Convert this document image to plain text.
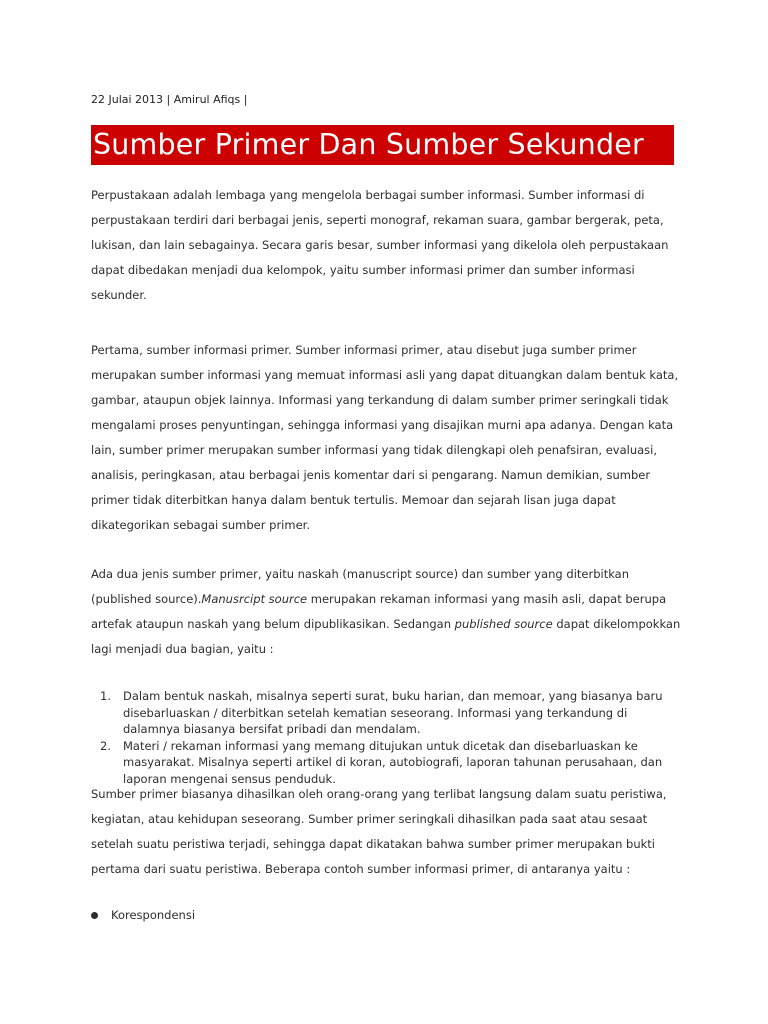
22 Julai 2013 | Amirul Afiqs |
Sumber Primer Dan Sumber Sekunder

Perpustakaan adalah lembaga yang mengelola berbagai sumber informasi. Sumber informasi di
perpustakaan terdiri dari berbagai jenis, seperti monograf, rekaman suara, gambar bergerak, peta,
lukisan, dan lain sebagainya. Secara garis besar, sumber informasi yang dikelola oleh perpustakaan
dapat dibedakan menjadi dua kelompok, yaitu sumber informasi primer dan sumber informasi
sekunder.

Pertama, sumber informasi primer. Sumber informasi primer, atau disebut juga sumber primer
merupakan sumber informasi yang memuat informasi asli yang dapat dituangkan dalam bentuk kata,
gambar, ataupun objek lainnya. Informasi yang terkandung di dalam sumber primer seringkali tidak
mengalami proses penyuntingan, sehingga informasi yang disajikan murni apa adanya. Dengan kata
lain, sumber primer merupakan sumber informasi yang tidak dilengkapi oleh penafsiran, evaluasi,
analisis, peringkasan, atau berbagai jenis komentar dari si pengarang. Namun demikian, sumber
primer tidak diterbitkan hanya dalam bentuk tertulis. Memoar dan sejarah lisan juga dapat
dikategorikan sebagai sumber primer.

Ada dua jenis sumber primer, yaitu naskah (manuscript source) dan sumber yang diterbitkan
(published source).Manusrcipt source merupakan rekaman informasi yang masih asli, dapat berupa
artefak ataupun naskah yang belum dipublikasikan. Sedangan published source dapat dikelompokkan
lagi menjadi dua bagian, yaitu :

1. Dalam bentuk naskah, misalnya seperti surat, buku harian, dan memoar, yang biasanya baru
disebarluaskan / diterbitkan setelah kematian seseorang. Informasi yang terkandung di
dalamnya biasanya bersifat pribadi dan mendalam.
2. Materi / rekaman informasi yang memang ditujukan untuk dicetak dan disebarluaskan ke
masyarakat. Misalnya seperti artikel di koran, autobiografi, laporan tahunan perusahaan, dan
laporan mengenai sensus penduduk.

Sumber primer biasanya dihasilkan oleh orang-orang yang terlibat langsung dalam suatu peristiwa,
kegiatan, atau kehidupan seseorang. Sumber primer seringkali dihasilkan pada saat atau sesaat
setelah suatu peristiwa terjadi, sehingga dapat dikatakan bahwa sumber primer merupakan bukti
pertama dari suatu peristiwa. Beberapa contoh sumber informasi primer, di antaranya yaitu :

Korespondensi
